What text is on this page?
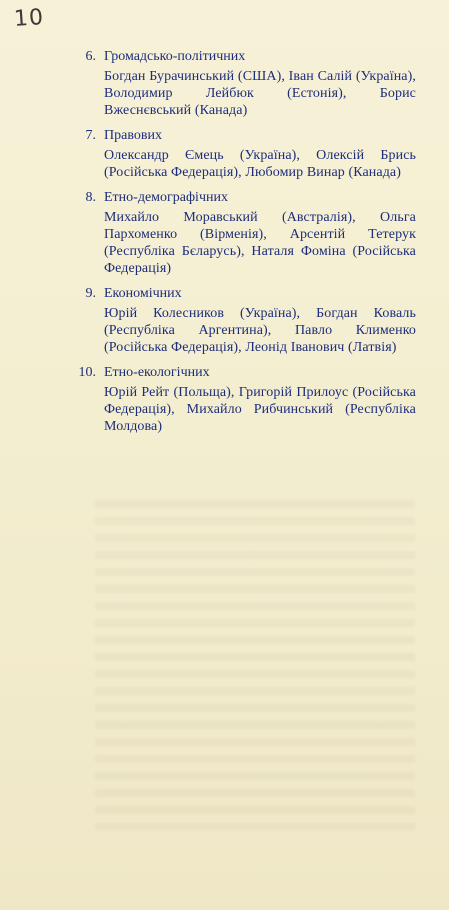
10
6. Громадсько-політичних
Богдан Бурачинський (США), Іван Салій (Україна), Володимир Лейбюк (Естонія), Борис Вжеснєвський (Канада)
7. Правових
Олександр Ємець (Україна), Олексій Брись (Російська Федерація), Любомир Винар (Канада)
8. Етно-демографічних
Михайло Моравський (Австралія), Ольга Пархоменко (Вірменія), Арсентій Тетерук (Республіка Бєларусь), Наталя Фоміна (Російська Федерація)
9. Економічних
Юрій Колесников (Україна), Богдан Коваль (Республіка Аргентина), Павло Клименко (Російська Федерація), Леонід Іванович (Латвія)
10. Етно-екологічних
Юрій Рейт (Польща), Григорій Прилоус (Російська Федерація), Михайло Рибчинський (Республіка Молдова)
